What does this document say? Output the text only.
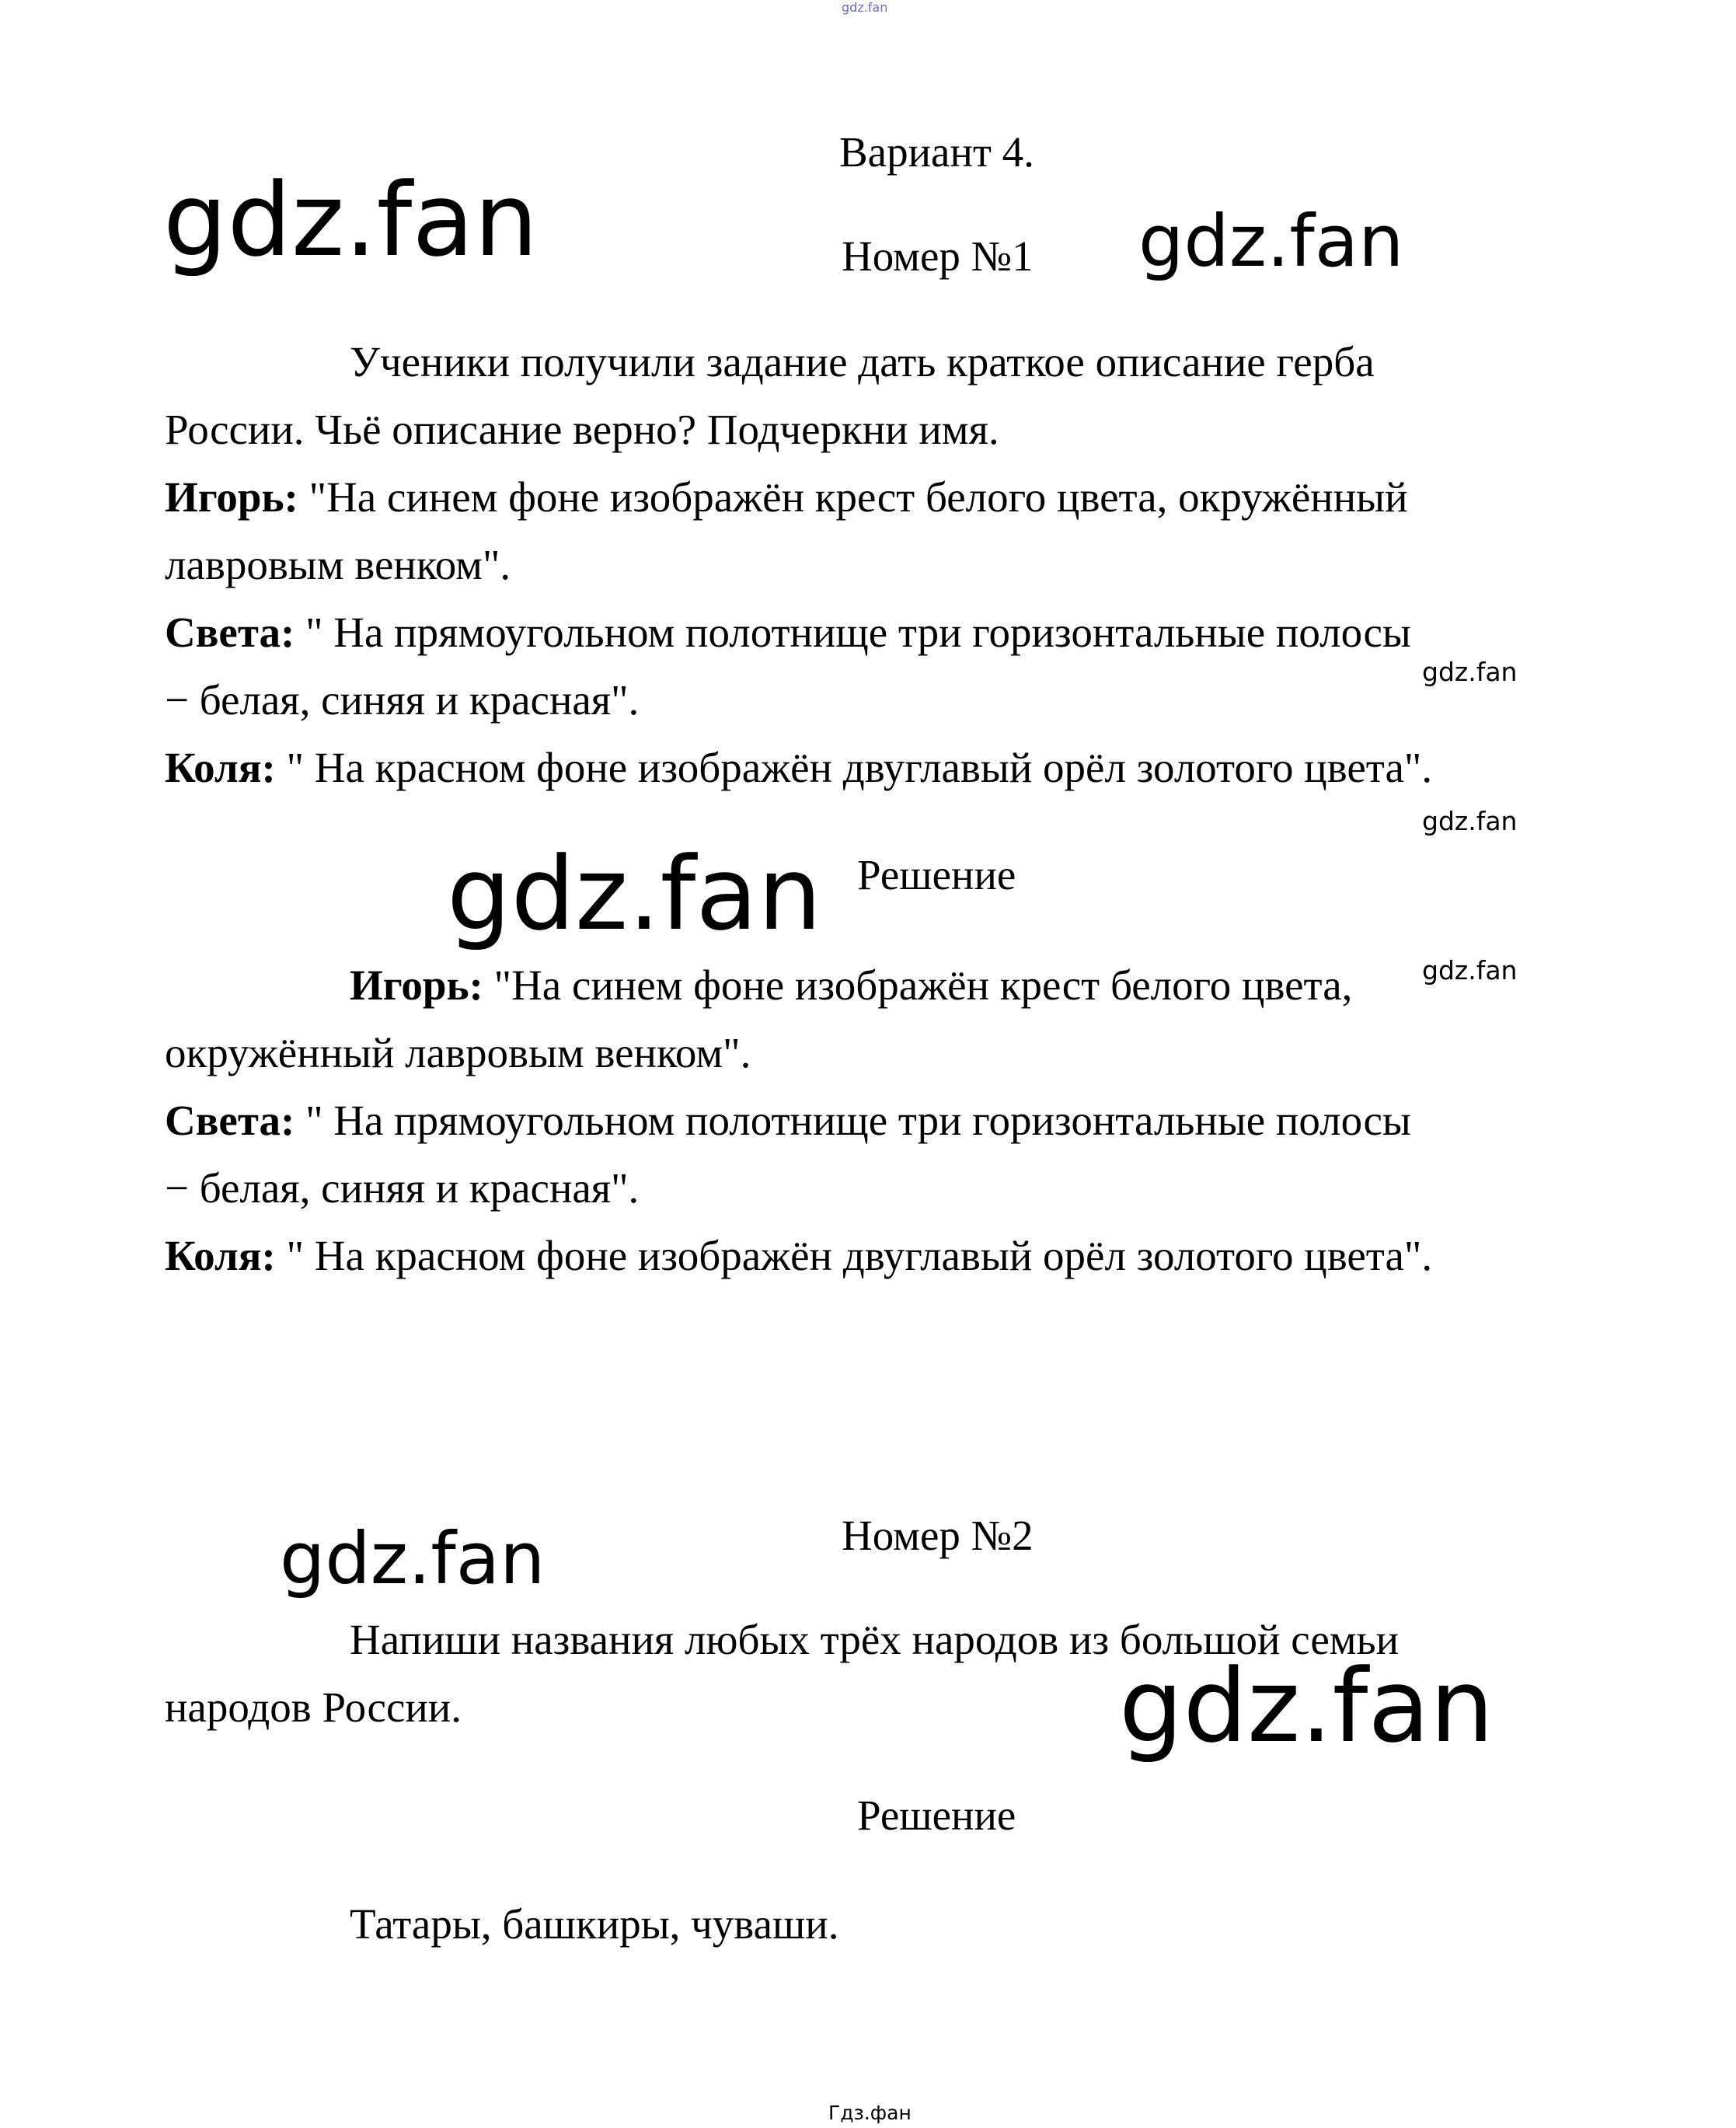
gdz.fan
Вариант 4.
gdz.fan	Номер №1 gdz.fan
Ученики получили задание дать краткое описание герба
России. Чьё описание верно? Подчеркни имя.
Игорь: "На синем фоне изображён крест белого цвета, окружённый
лавровым венком".
Света: " На прямоугольном полотнище три горизонтальные полосы
gdz.fan
− белая, синяя и красная".
Коля: " На красном фоне изображён двуглавый орёл золотого цвета".
gdz.fan
gdz.fan Решение
Игорь: "На синем фоне изображён крест белого цвета,	gdz.fan
окружённый лавровым венком".
Света: " На прямоугольном полотнище три горизонтальные полосы
− белая, синяя и красная".
Коля: " На красном фоне изображён двуглавый орёл золотого цвета".
gdz.fan	Номер №2
Напиши названия любых трёх народов из большой семьи
народов России.	gdz.fan
Решение
Татары, башкиры, чуваши.
Гдз.фан
